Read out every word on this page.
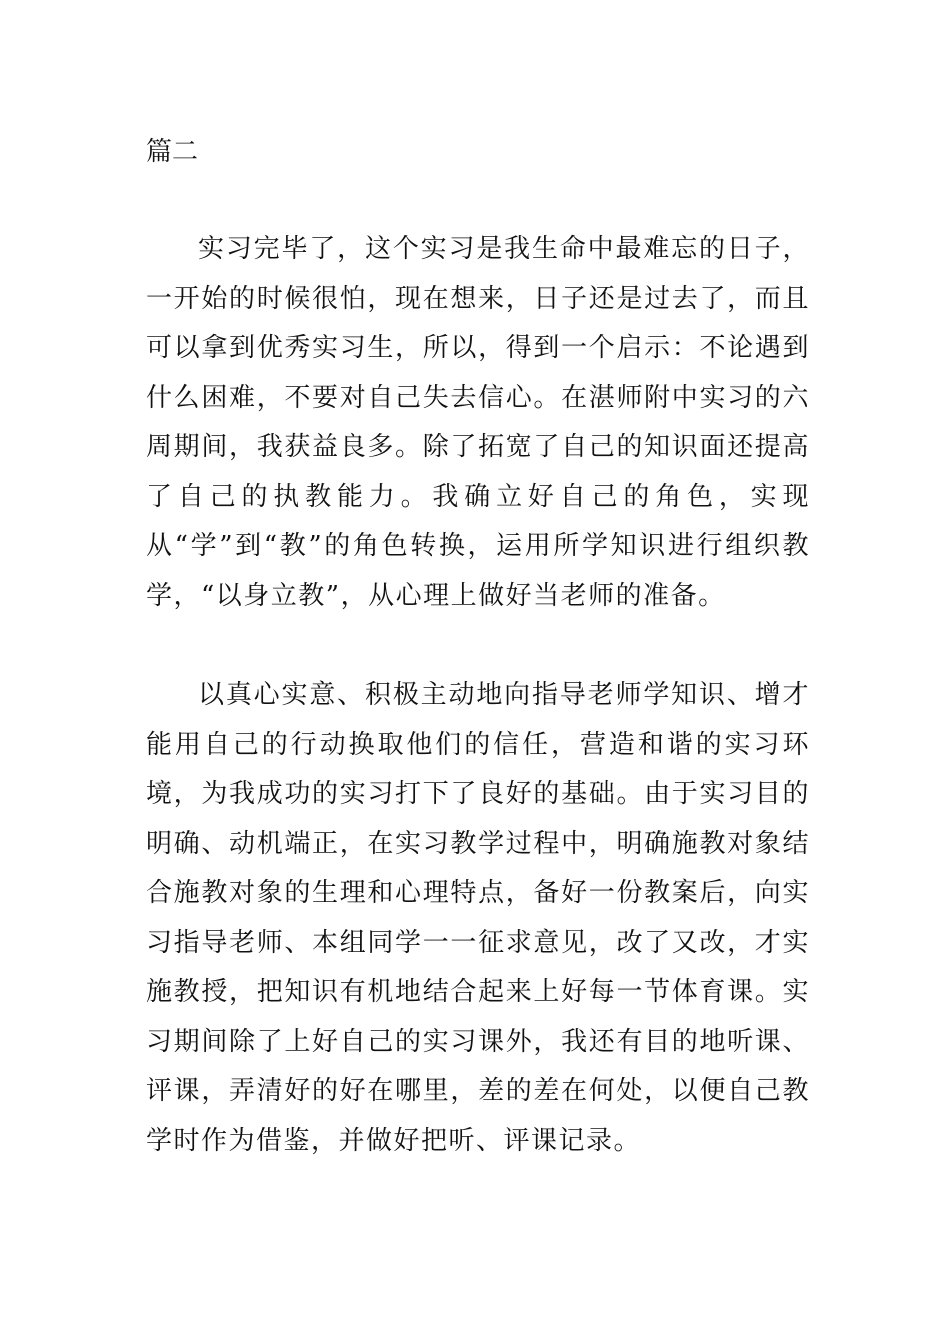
篇二

实习完毕了，这个实习是我生命中最难忘的日子，一开始的时候很怕，现在想来，日子还是过去了，而且可以拿到优秀实习生，所以，得到一个启示：不论遇到什么困难，不要对自己失去信心。在湛师附中实习的六周期间，我获益良多。除了拓宽了自己的知识面还提高了自己的执教能力。我确立好自己的角色，实现从“学”到“教”的角色转换，运用所学知识进行组织教学，“以身立教”，从心理上做好当老师的准备。

以真心实意、积极主动地向指导老师学知识、增才能用自己的行动换取他们的信任，营造和谐的实习环境，为我成功的实习打下了良好的基础。由于实习目的明确、动机端正，在实习教学过程中，明确施教对象结合施教对象的生理和心理特点，备好一份教案后，向实习指导老师、本组同学一一征求意见，改了又改，才实施教授，把知识有机地结合起来上好每一节体育课。实习期间除了上好自己的实习课外，我还有目的地听课、评课，弄清好的好在哪里，差的差在何处，以便自己教学时作为借鉴，并做好把听、评课记录。
